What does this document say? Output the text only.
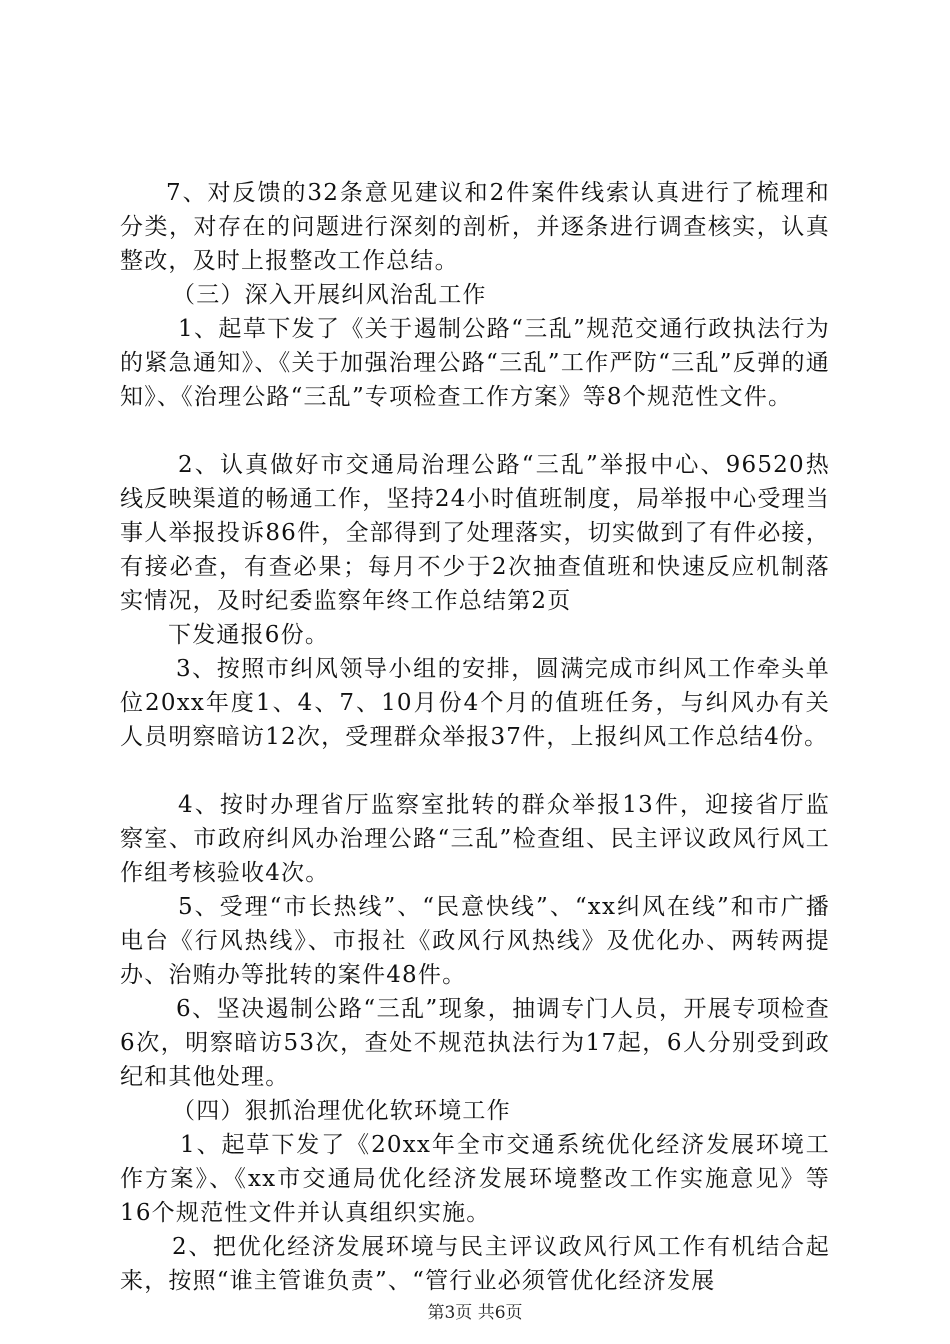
7、对反馈的32条意见建议和2件案件线索认真进行了梳理和分类，对存在的问题进行深刻的剖析，并逐条进行调查核实，认真整改，及时上报整改工作总结。

（三）深入开展纠风治乱工作

1、起草下发了《关于遏制公路“三乱”规范交通行政执法行为的紧急通知》、《关于加强治理公路“三乱”工作严防“三乱”反弹的通知》、《治理公路“三乱”专项检查工作方案》等8个规范性文件。

2、认真做好市交通局治理公路“三乱”举报中心、96520热线反映渠道的畅通工作，坚持24小时值班制度，局举报中心受理当事人举报投诉86件，全部得到了处理落实，切实做到了有件必接，有接必查，有查必果；每月不少于2次抽查值班和快速反应机制落实情况，及时纪委监察年终工作总结第2页

下发通报6份。

3、按照市纠风领导小组的安排，圆满完成市纠风工作牵头单位20xx年度1、4、7、10月份4个月的值班任务，与纠风办有关人员明察暗访12次，受理群众举报37件，上报纠风工作总结4份。

4、按时办理省厅监察室批转的群众举报13件，迎接省厅监察室、市政府纠风办治理公路“三乱”检查组、民主评议政风行风工作组考核验收4次。

5、受理“市长热线”、“民意快线”、“xx纠风在线”和市广播电台《行风热线》、市报社《政风行风热线》及优化办、两转两提办、治贿办等批转的案件48件。

6、坚决遏制公路“三乱”现象，抽调专门人员，开展专项检查6次，明察暗访53次，查处不规范执法行为17起，6人分别受到政纪和其他处理。

（四）狠抓治理优化软环境工作

1、起草下发了《20xx年全市交通系统优化经济发展环境工作方案》、《xx市交通局优化经济发展环境整改工作实施意见》等16个规范性文件并认真组织实施。

2、把优化经济发展环境与民主评议政风行风工作有机结合起来，按照“谁主管谁负责”、“管行业必须管优化经济发展

第3页 共6页
